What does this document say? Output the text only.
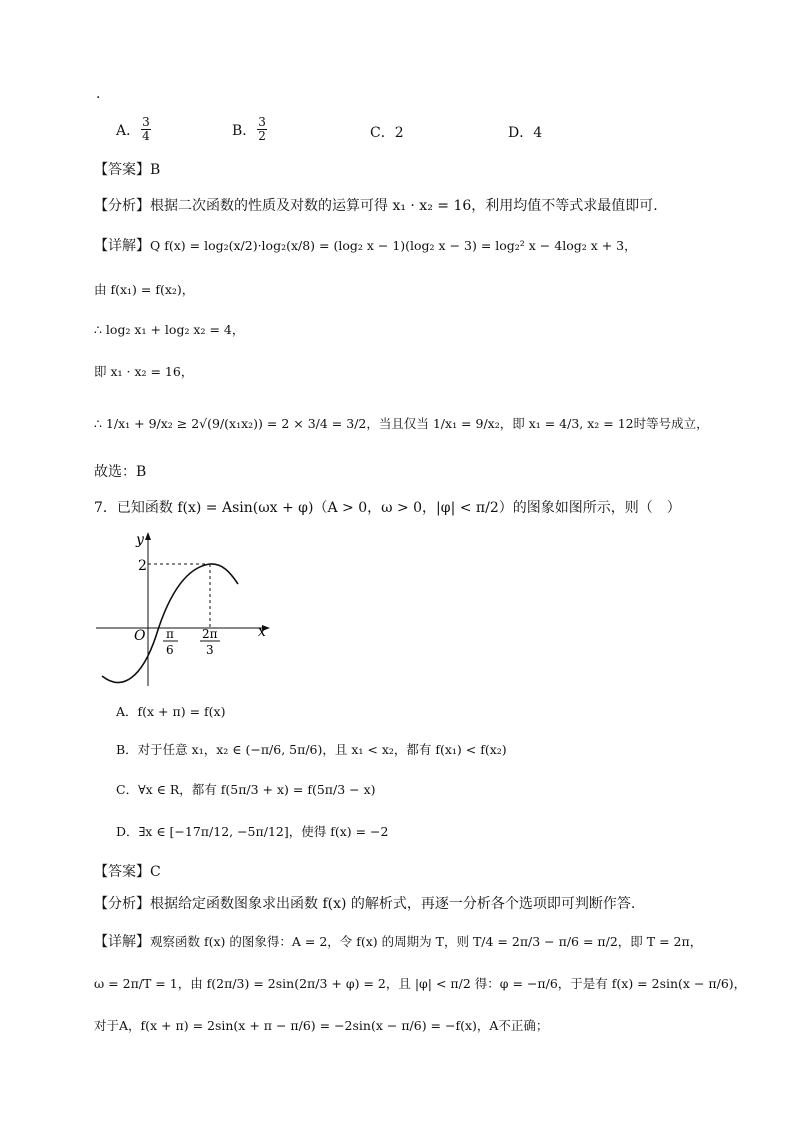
.
A． $\frac{3}{4}$	B． $\frac{3}{2}$	C．2	D．4
【答案】B
【分析】根据二次函数的性质及对数的运算可得 x₁ · x₂ = 16，利用均值不等式求最值即可.
【详解】Q f(x) = log₂(x/2)·log₂(x/8) = (log₂ x − 1)(log₂ x − 3) = log₂² x − 4log₂ x + 3，
由 f(x₁) = f(x₂)，
∴ log₂ x₁ + log₂ x₂ = 4，
即 x₁ · x₂ = 16，
∴ 1/x₁ + 9/x₂ ≥ 2√(9/(x₁x₂)) = 2 × 3/4 = 3/2，当且仅当 1/x₁ = 9/x₂，即 x₁ = 4/3, x₂ = 12时等号成立，
故选：B
7．已知函数 f(x) = Asin(ωx + φ)（A > 0，ω > 0，|φ| < π/2）的图象如图所示，则（　）
y
x
O
2
π
6
2π
3
A．f(x + π) = f(x)
B．对于任意 x₁，x₂ ∈ (−π/6, 5π/6)，且 x₁ < x₂，都有 f(x₁) < f(x₂)
C．∀x ∈ R，都有 f(5π/3 + x) = f(5π/3 − x)
D．∃x ∈ [−17π/12, −5π/12]，使得 f(x) = −2
【答案】C
【分析】根据给定函数图象求出函数 f(x) 的解析式，再逐一分析各个选项即可判断作答.
【详解】观察函数 f(x) 的图象得：A = 2，令 f(x) 的周期为 T，则 T/4 = 2π/3 − π/6 = π/2，即 T = 2π，
ω = 2π/T = 1，由 f(2π/3) = 2sin(2π/3 + φ) = 2，且 |φ| < π/2 得：φ = −π/6，于是有 f(x) = 2sin(x − π/6)，
对于A，f(x + π) = 2sin(x + π − π/6) = −2sin(x − π/6) = −f(x)，A不正确；
